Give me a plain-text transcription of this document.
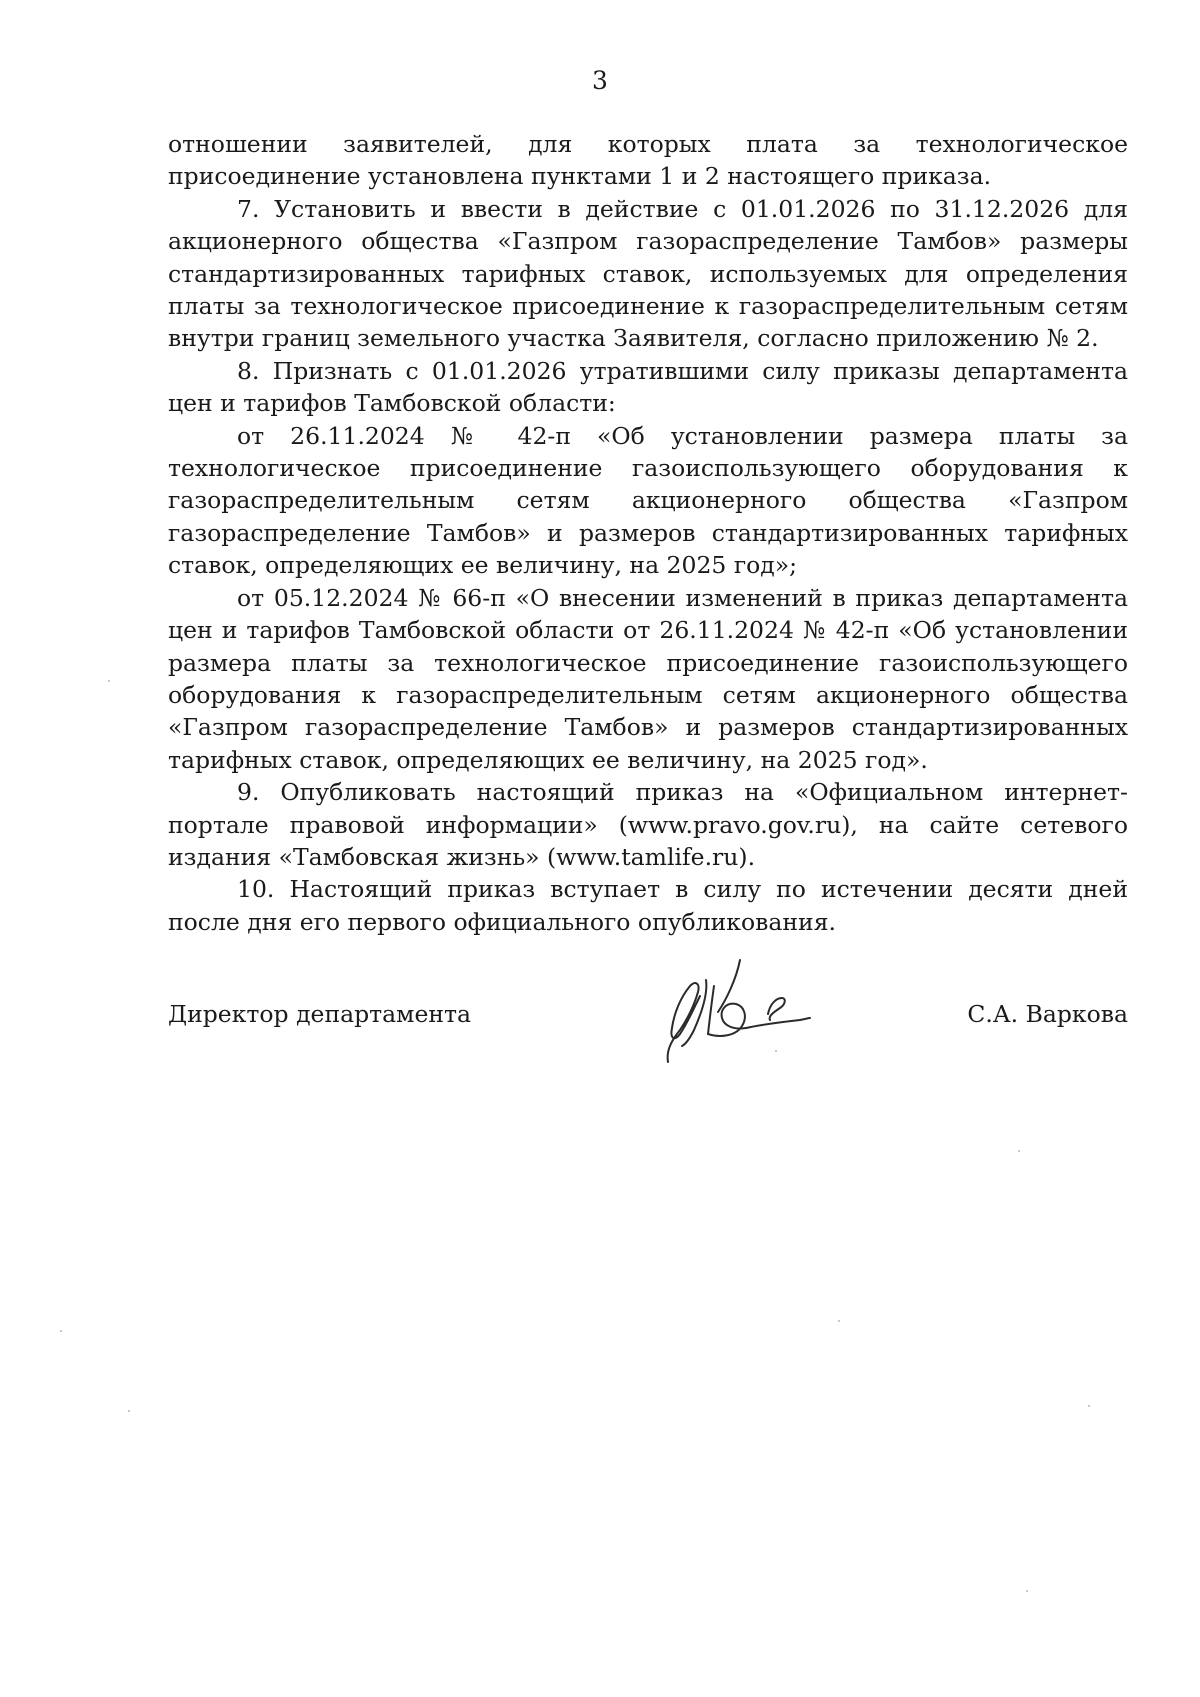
3

отношении заявителей, для которых плата за технологическое присоединение установлена пунктами 1 и 2 настоящего приказа.

7. Установить и ввести в действие с 01.01.2026 по 31.12.2026 для акционерного общества «Газпром газораспределение Тамбов» размеры стандартизированных тарифных ставок, используемых для определения платы за технологическое присоединение к газораспределительным сетям внутри границ земельного участка Заявителя, согласно приложению № 2.

8. Признать с 01.01.2026 утратившими силу приказы департамента цен и тарифов Тамбовской области:

от 26.11.2024 № 42-п «Об установлении размера платы за технологическое присоединение газоиспользующего оборудования к газораспределительным сетям акционерного общества «Газпром газораспределение Тамбов» и размеров стандартизированных тарифных ставок, определяющих ее величину, на 2025 год»;

от 05.12.2024 № 66-п «О внесении изменений в приказ департамента цен и тарифов Тамбовской области от 26.11.2024 № 42-п «Об установлении размера платы за технологическое присоединение газоиспользующего оборудования к газораспределительным сетям акционерного общества «Газпром газораспределение Тамбов» и размеров стандартизированных тарифных ставок, определяющих ее величину, на 2025 год».

9. Опубликовать настоящий приказ на «Официальном интернет-портале правовой информации» (www.pravo.gov.ru), на сайте сетевого издания «Тамбовская жизнь» (www.tamlife.ru).

10. Настоящий приказ вступает в силу по истечении десяти дней после дня его первого официального опубликования.

Директор департамента	С.А. Варкова
